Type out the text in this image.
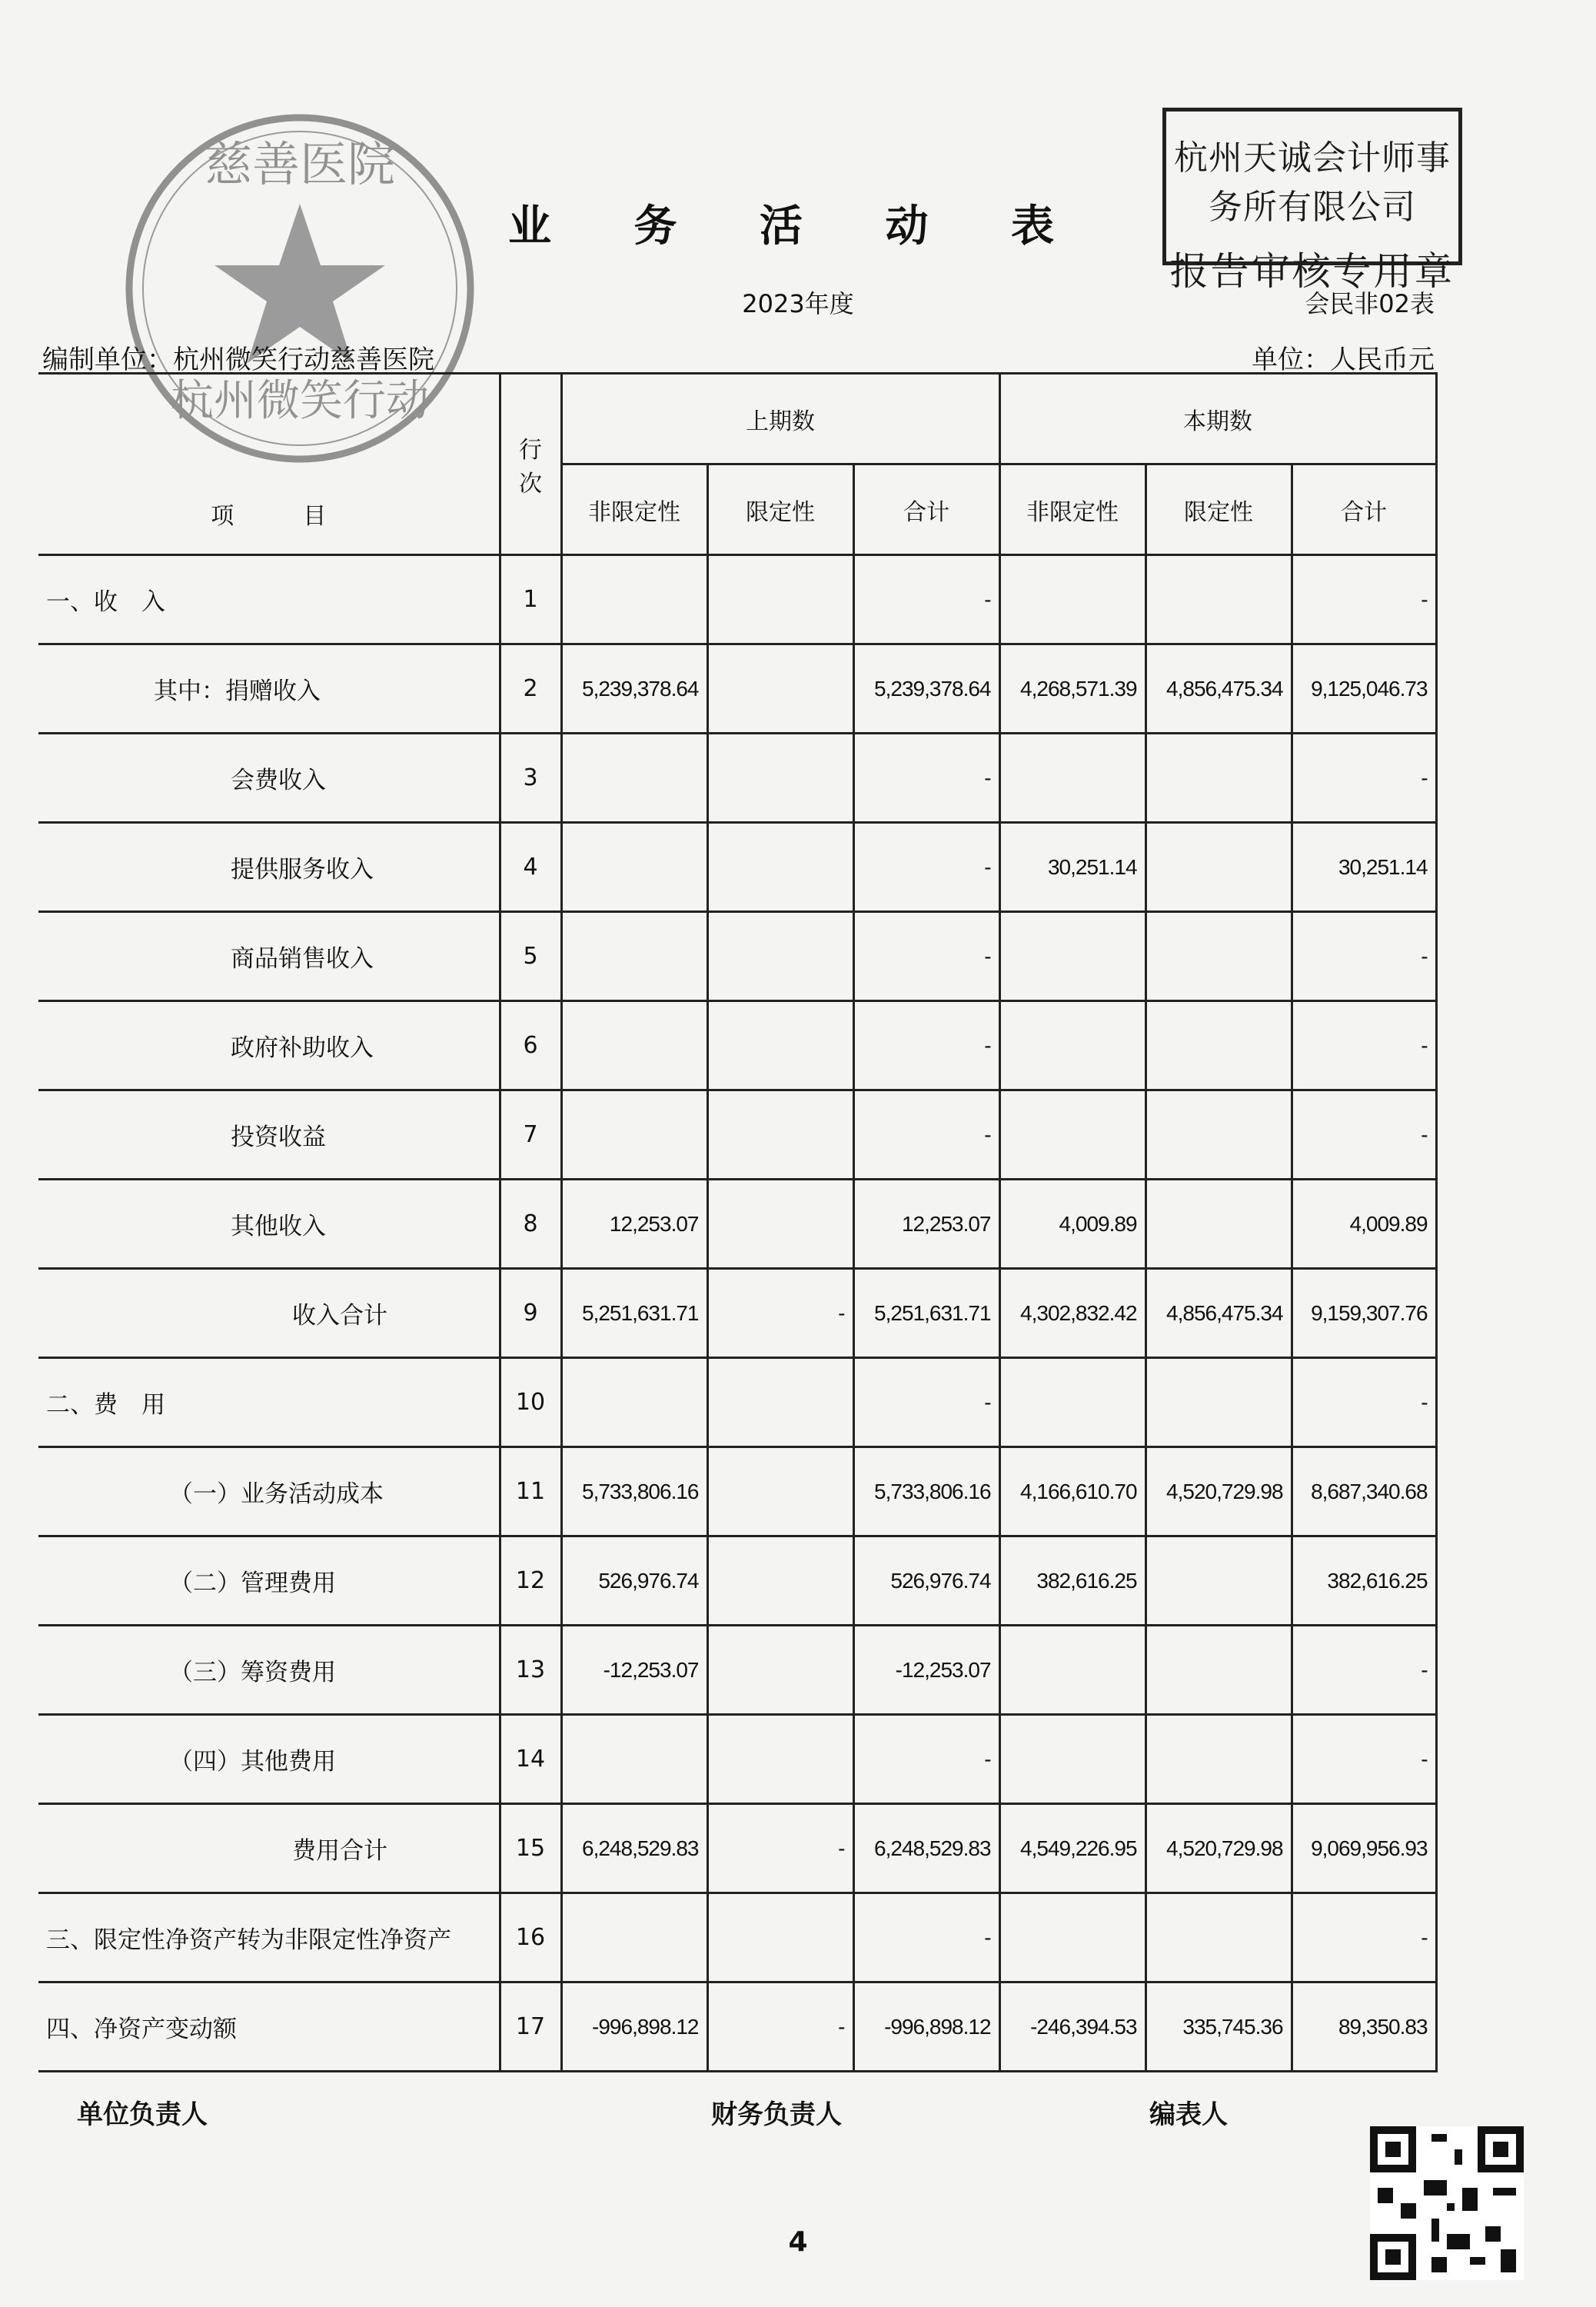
慈善医院
杭州微笑行动
业 务 活 动 表
2023年度	会民非02表
编制单位：杭州微笑行动慈善医院	单位：人民币元
杭州天诚会计师事务所有限公司
报告审核专用章
项　　　目	行次	上期数			本期数		
		非限定性	限定性	合计	非限定性	限定性	合计
一、收　入	1			-			-
其中：捐赠收入	2	5,239,378.64		5,239,378.64	4,268,571.39	4,856,475.34	9,125,046.73
会费收入	3			-			-
提供服务收入	4			-	30,251.14		30,251.14
商品销售收入	5			-			-
政府补助收入	6			-			-
投资收益	7			-			-
其他收入	8	12,253.07		12,253.07	4,009.89		4,009.89
收入合计	9	5,251,631.71	-	5,251,631.71	4,302,832.42	4,856,475.34	9,159,307.76
二、费　用	10			-			-
（一）业务活动成本	11	5,733,806.16		5,733,806.16	4,166,610.70	4,520,729.98	8,687,340.68
（二）管理费用	12	526,976.74		526,976.74	382,616.25		382,616.25
（三）筹资费用	13	-12,253.07		-12,253.07			-
（四）其他费用	14			-			-
费用合计	15	6,248,529.83	-	6,248,529.83	4,549,226.95	4,520,729.98	9,069,956.93
三、限定性净资产转为非限定性净资产	16			-			-
四、净资产变动额	17	-996,898.12	-	-996,898.12	-246,394.53	335,745.36	89,350.83
单位负责人	财务负责人	编表人
4
